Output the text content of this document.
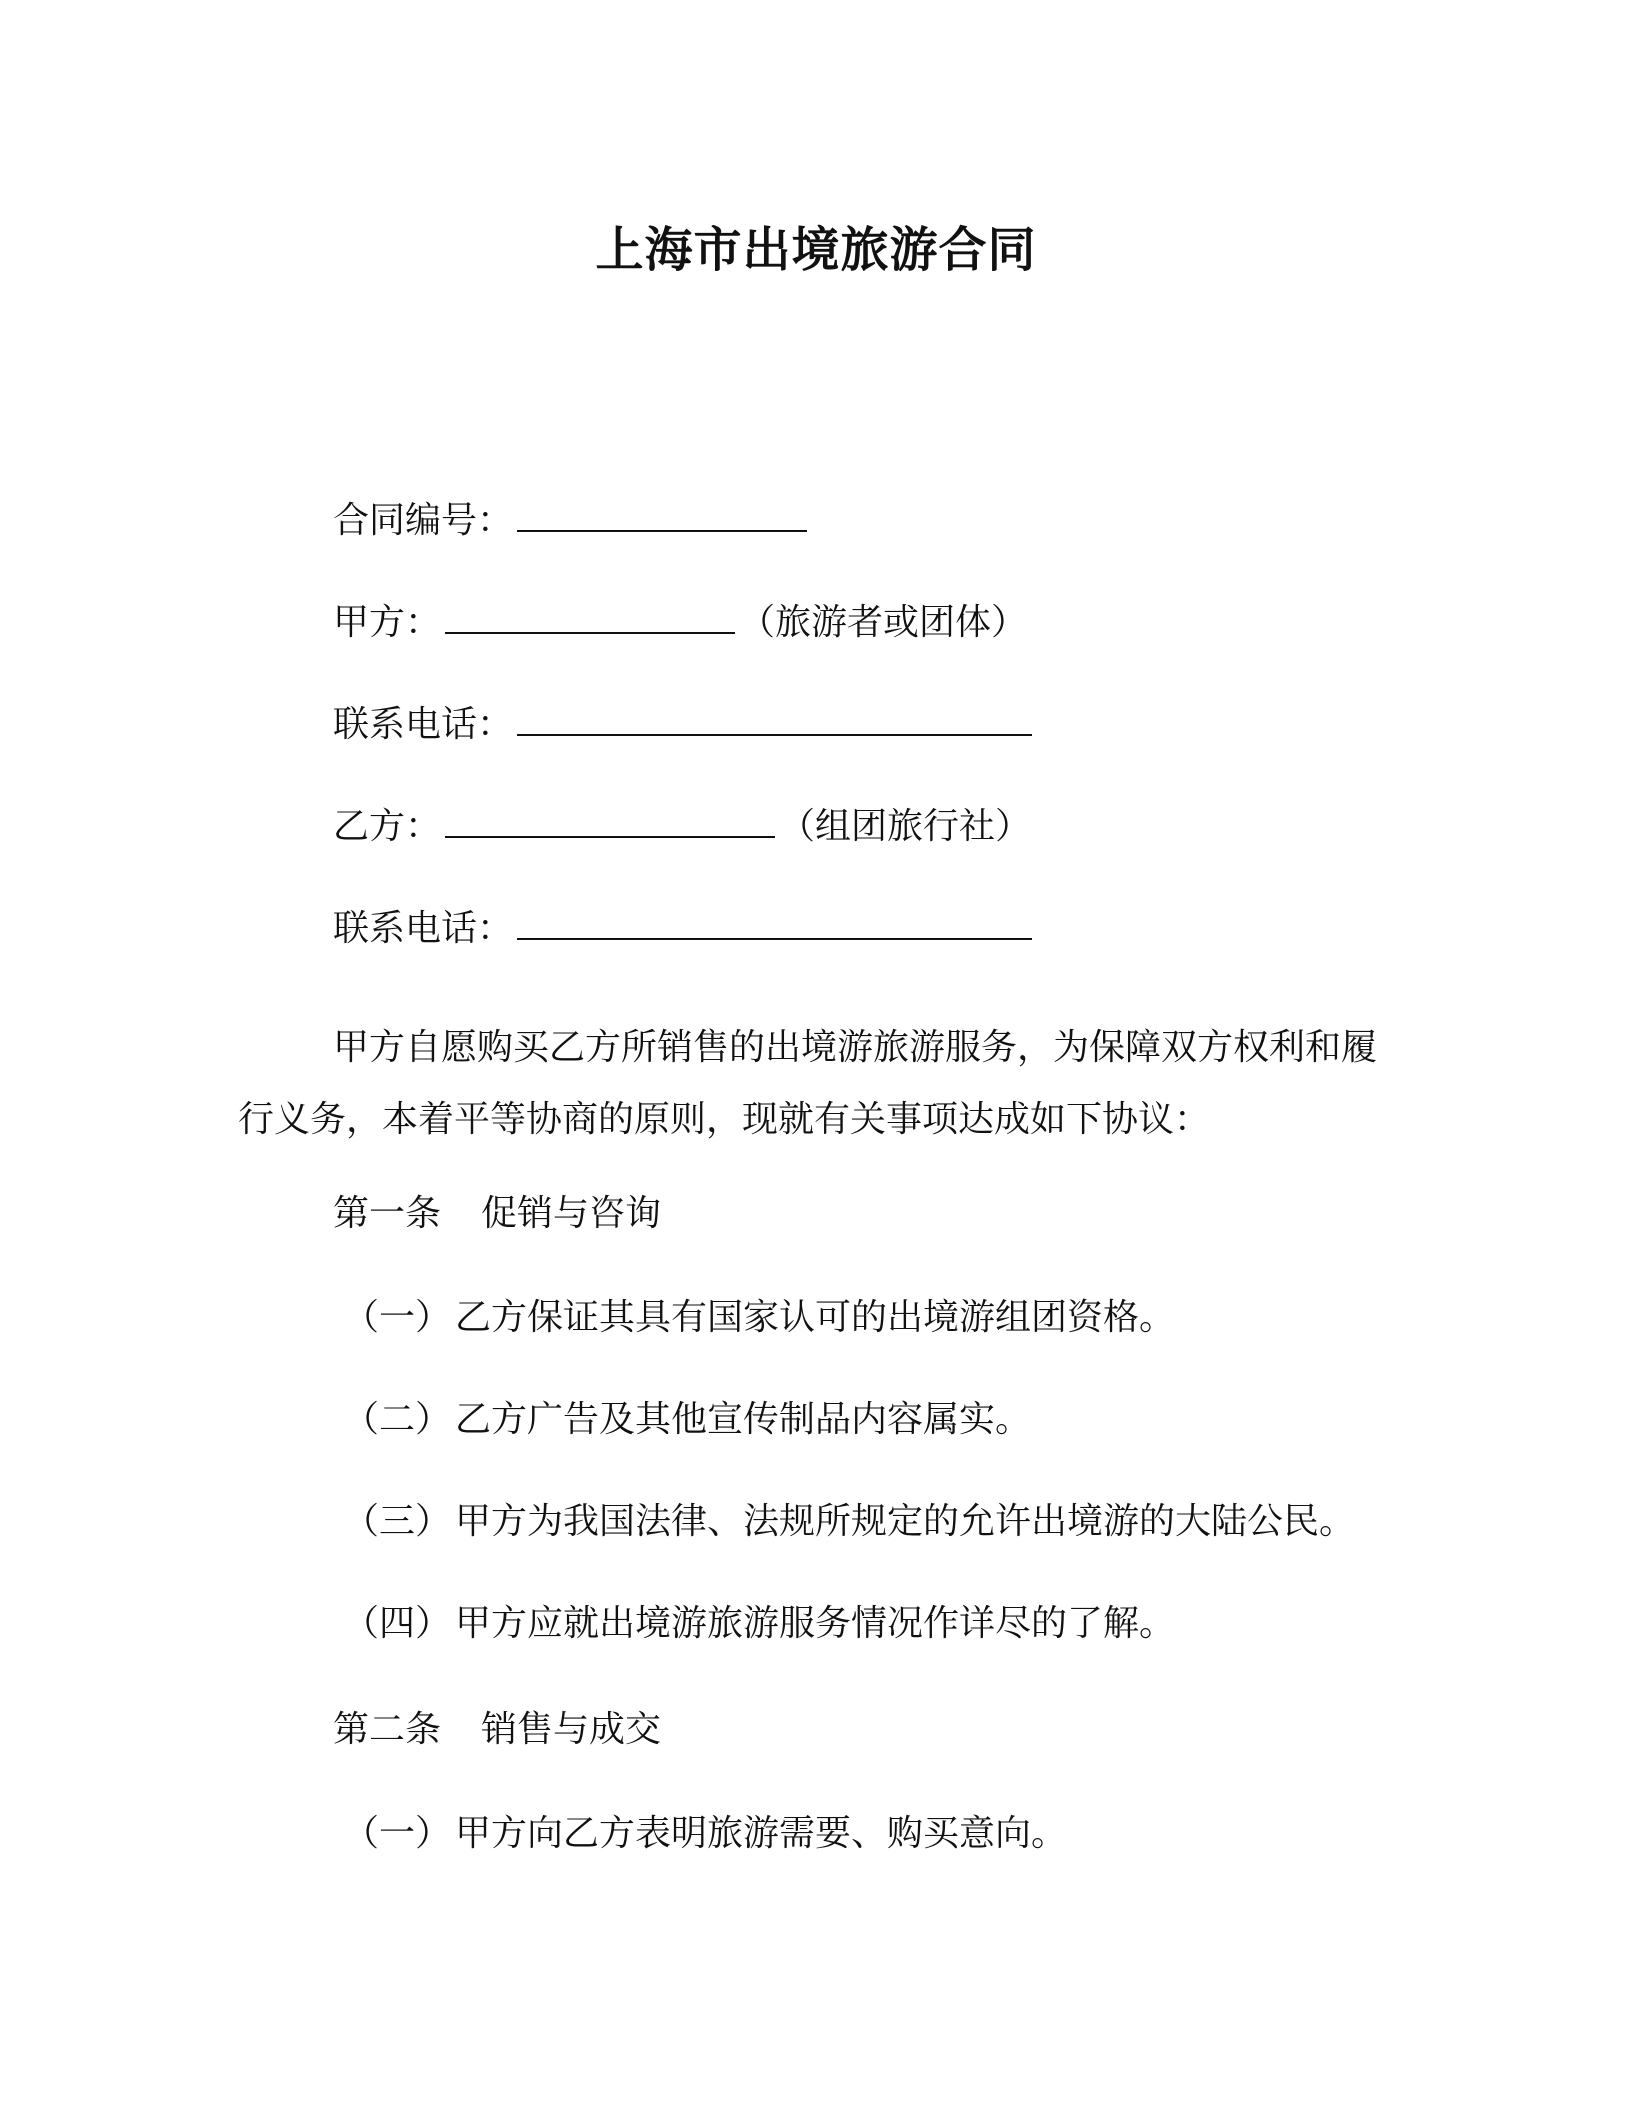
上海市出境旅游合同
合同编号：
甲方：	（旅游者或团体）
联系电话：
乙方：	（组团旅行社）
联系电话：
甲方自愿购买乙方所销售的出境游旅游服务，为保障双方权利和履行义务，本着平等协商的原则，现就有关事项达成如下协议：
第一条 促销与咨询
（一） 乙方保证其具有国家认可的出境游组团资格。
（二） 乙方广告及其他宣传制品内容属实。
（三） 甲方为我国法律、法规所规定的允许出境游的大陆公民。
（四） 甲方应就出境游旅游服务情况作详尽的了解。
第二条 销售与成交
（一） 甲方向乙方表明旅游需要、购买意向。
